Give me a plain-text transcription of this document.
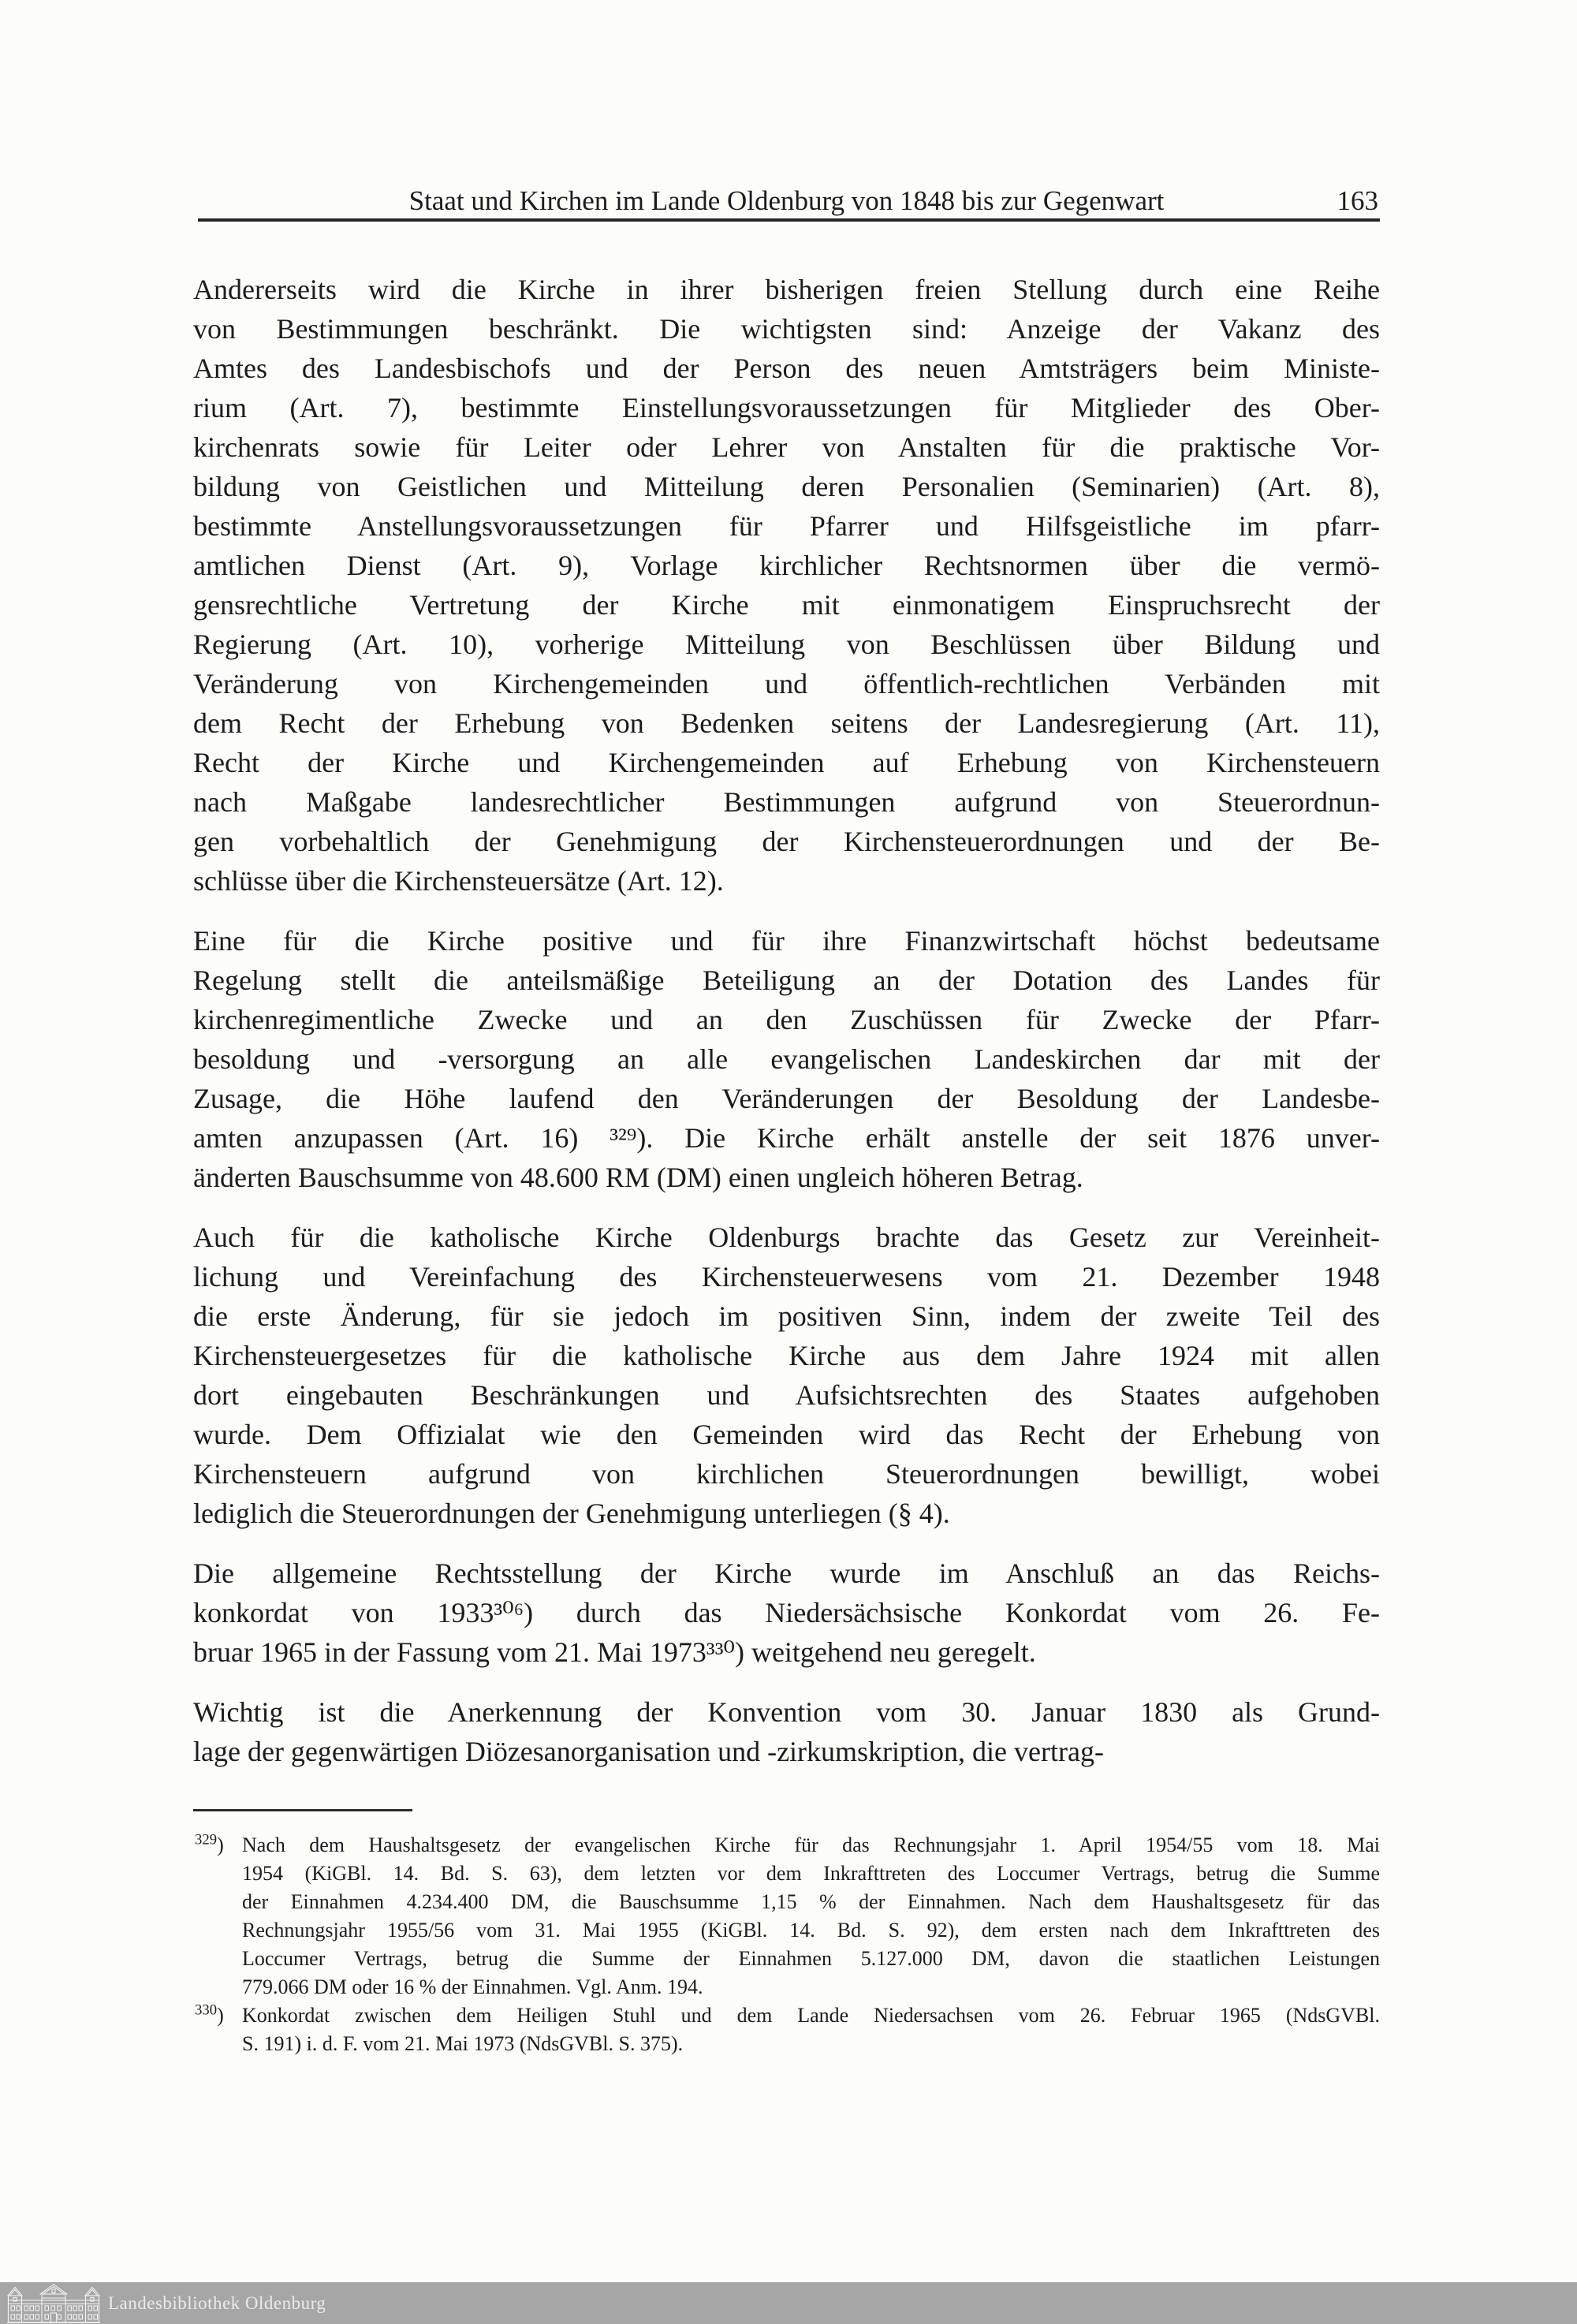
Staat und Kirchen im Lande Oldenburg von 1848 bis zur Gegenwart	163
Andererseits wird die Kirche in ihrer bisherigen freien Stellung durch eine Reihe
von Bestimmungen beschränkt. Die wichtigsten sind: Anzeige der Vakanz des
Amtes des Landesbischofs und der Person des neuen Amtsträgers beim Ministe-
rium (Art. 7), bestimmte Einstellungsvoraussetzungen für Mitglieder des Ober-
kirchenrats sowie für Leiter oder Lehrer von Anstalten für die praktische Vor-
bildung von Geistlichen und Mitteilung deren Personalien (Seminarien) (Art. 8),
bestimmte Anstellungsvoraussetzungen für Pfarrer und Hilfsgeistliche im pfarr-
amtlichen Dienst (Art. 9), Vorlage kirchlicher Rechtsnormen über die vermö-
gensrechtliche Vertretung der Kirche mit einmonatigem Einspruchsrecht der
Regierung (Art. 10), vorherige Mitteilung von Beschlüssen über Bildung und
Veränderung von Kirchengemeinden und öffentlich-rechtlichen Verbänden mit
dem Recht der Erhebung von Bedenken seitens der Landesregierung (Art. 11),
Recht der Kirche und Kirchengemeinden auf Erhebung von Kirchensteuern
nach Maßgabe landesrechtlicher Bestimmungen aufgrund von Steuerordnun-
gen vorbehaltlich der Genehmigung der Kirchensteuerordnungen und der Be-
schlüsse über die Kirchensteuersätze (Art. 12).
Eine für die Kirche positive und für ihre Finanzwirtschaft höchst bedeutsame
Regelung stellt die anteilsmäßige Beteiligung an der Dotation des Landes für
kirchenregimentliche Zwecke und an den Zuschüssen für Zwecke der Pfarr-
besoldung und -versorgung an alle evangelischen Landeskirchen dar mit der
Zusage, die Höhe laufend den Veränderungen der Besoldung der Landesbe-
amten anzupassen (Art. 16) ³²⁹). Die Kirche erhält anstelle der seit 1876 unver-
änderten Bauschsumme von 48.600 RM (DM) einen ungleich höheren Betrag.
Auch für die katholische Kirche Oldenburgs brachte das Gesetz zur Vereinheit-
lichung und Vereinfachung des Kirchensteuerwesens vom 21. Dezember 1948
die erste Änderung, für sie jedoch im positiven Sinn, indem der zweite Teil des
Kirchensteuergesetzes für die katholische Kirche aus dem Jahre 1924 mit allen
dort eingebauten Beschränkungen und Aufsichtsrechten des Staates aufgehoben
wurde. Dem Offizialat wie den Gemeinden wird das Recht der Erhebung von
Kirchensteuern aufgrund von kirchlichen Steuerordnungen bewilligt, wobei
lediglich die Steuerordnungen der Genehmigung unterliegen (§ 4).
Die allgemeine Rechtsstellung der Kirche wurde im Anschluß an das Reichs-
konkordat von 1933³⁰⁶) durch das Niedersächsische Konkordat vom 26. Fe-
bruar 1965 in der Fassung vom 21. Mai 1973³³⁰) weitgehend neu geregelt.
Wichtig ist die Anerkennung der Konvention vom 30. Januar 1830 als Grund-
lage der gegenwärtigen Diözesanorganisation und -zirkumskription, die vertrag-
$^{329}$) Nach dem Haushaltsgesetz der evangelischen Kirche für das Rechnungsjahr 1. April 1954/55 vom 18. Mai
1954 (KiGBl. 14. Bd. S. 63), dem letzten vor dem Inkrafttreten des Loccumer Vertrags, betrug die Summe
der Einnahmen 4.234.400 DM, die Bauschsumme 1,15 % der Einnahmen. Nach dem Haushaltsgesetz für das
Rechnungsjahr 1955/56 vom 31. Mai 1955 (KiGBl. 14. Bd. S. 92), dem ersten nach dem Inkrafttreten des
Loccumer Vertrags, betrug die Summe der Einnahmen 5.127.000 DM, davon die staatlichen Leistungen
779.066 DM oder 16 % der Einnahmen. Vgl. Anm. 194.
$^{330}$) Konkordat zwischen dem Heiligen Stuhl und dem Lande Niedersachsen vom 26. Februar 1965 (NdsGVBl.
S. 191) i. d. F. vom 21. Mai 1973 (NdsGVBl. S. 375).
Landesbibliothek Oldenburg
